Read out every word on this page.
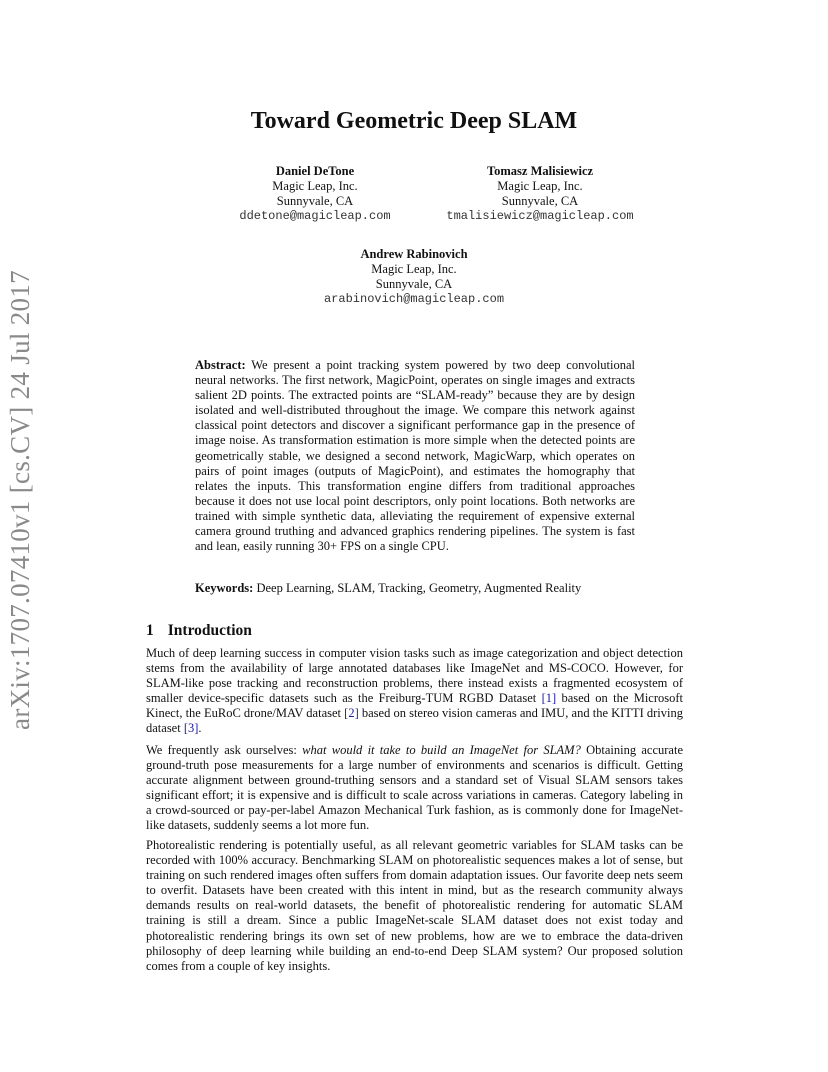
arXiv:1707.07410v1 [cs.CV] 24 Jul 2017
Toward Geometric Deep SLAM
Daniel DeTone
Magic Leap, Inc.
Sunnyvale, CA
ddetone@magicleap.com
Tomasz Malisiewicz
Magic Leap, Inc.
Sunnyvale, CA
tmalisiewicz@magicleap.com
Andrew Rabinovich
Magic Leap, Inc.
Sunnyvale, CA
arabinovich@magicleap.com
Abstract: We present a point tracking system powered by two deep convolutional neural networks. The first network, MagicPoint, operates on single images and extracts salient 2D points. The extracted points are “SLAM-ready” because they are by design isolated and well-distributed throughout the image. We compare this network against classical point detectors and discover a significant performance gap in the presence of image noise. As transformation estimation is more simple when the detected points are geometrically stable, we designed a second network, MagicWarp, which operates on pairs of point images (outputs of MagicPoint), and estimates the homography that relates the inputs. This transformation engine differs from traditional approaches because it does not use local point descriptors, only point locations. Both networks are trained with simple synthetic data, alleviating the requirement of expensive external camera ground truthing and advanced graphics rendering pipelines. The system is fast and lean, easily running 30+ FPS on a single CPU.
Keywords: Deep Learning, SLAM, Tracking, Geometry, Augmented Reality
1 Introduction

Much of deep learning success in computer vision tasks such as image categorization and object detection stems from the availability of large annotated databases like ImageNet and MS-COCO. However, for SLAM-like pose tracking and reconstruction problems, there instead exists a fragmented ecosystem of smaller device-specific datasets such as the Freiburg-TUM RGBD Dataset [1] based on the Microsoft Kinect, the EuRoC drone/MAV dataset [2] based on stereo vision cameras and IMU, and the KITTI driving dataset [3].

We frequently ask ourselves: what would it take to build an ImageNet for SLAM? Obtaining accurate ground-truth pose measurements for a large number of environments and scenarios is difficult. Getting accurate alignment between ground-truthing sensors and a standard set of Visual SLAM sensors takes significant effort; it is expensive and is difficult to scale across variations in cameras. Category labeling in a crowd-sourced or pay-per-label Amazon Mechanical Turk fashion, as is commonly done for ImageNet-like datasets, suddenly seems a lot more fun.

Photorealistic rendering is potentially useful, as all relevant geometric variables for SLAM tasks can be recorded with 100% accuracy. Benchmarking SLAM on photorealistic sequences makes a lot of sense, but training on such rendered images often suffers from domain adaptation issues. Our favorite deep nets seem to overfit. Datasets have been created with this intent in mind, but as the research community always demands results on real-world datasets, the benefit of photorealistic rendering for automatic SLAM training is still a dream. Since a public ImageNet-scale SLAM dataset does not exist today and photorealistic rendering brings its own set of new problems, how are we to embrace the data-driven philosophy of deep learning while building an end-to-end Deep SLAM system? Our proposed solution comes from a couple of key insights.
